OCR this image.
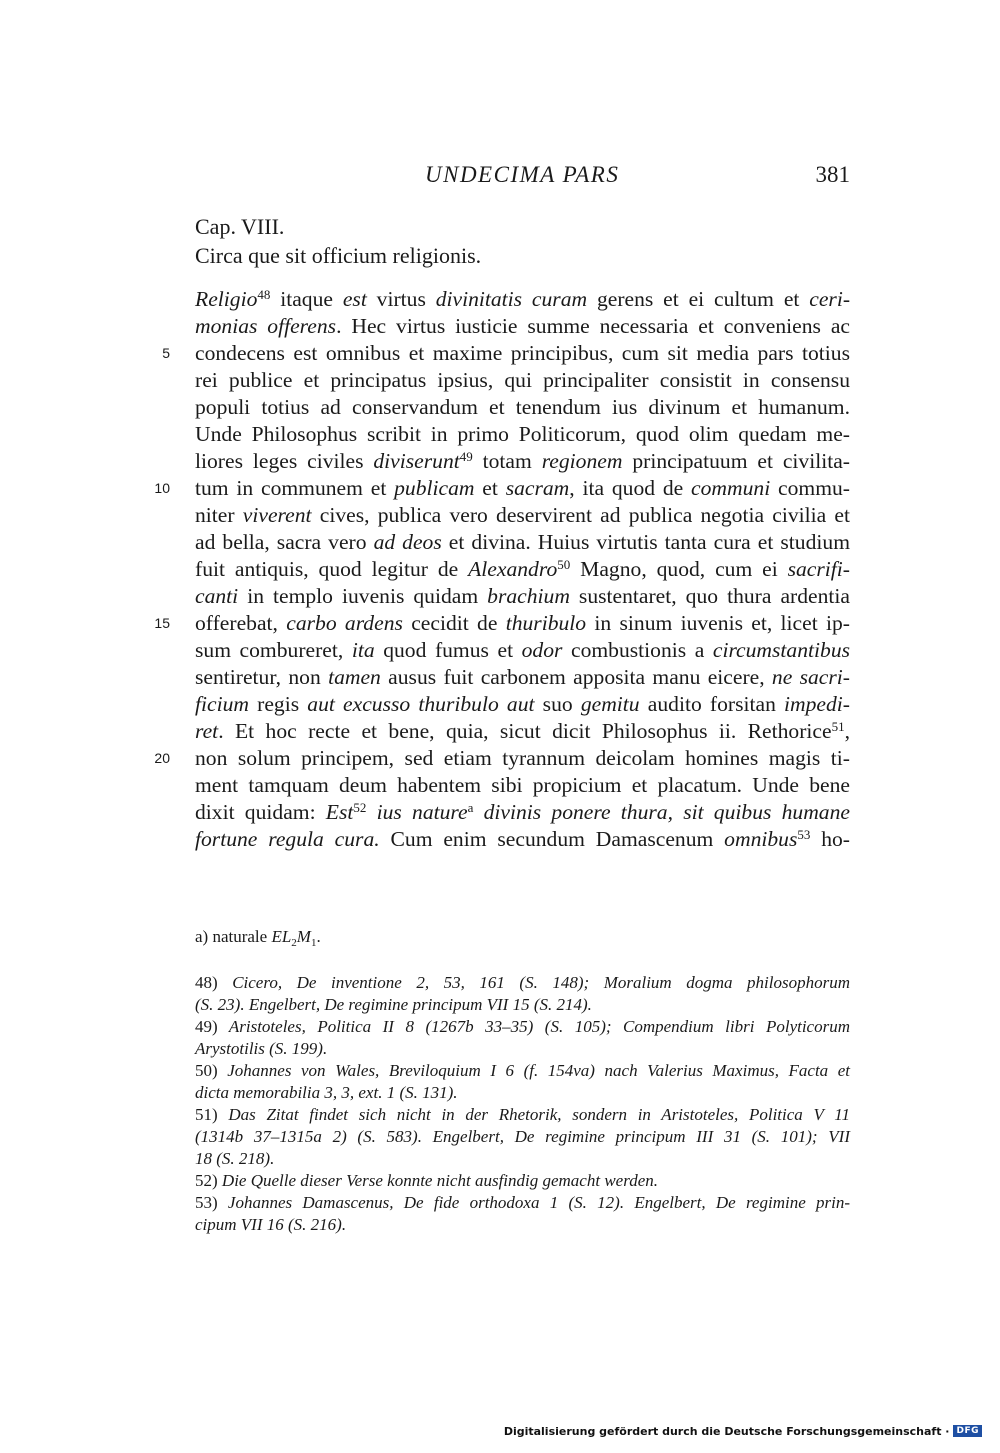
UNDECIMA PARS	381
Cap. VIII.
Circa que sit officium religionis.
Religio$^{48}$ itaque est virtus divinitatis curam gerens et ei cultum et ceri-
monias offerens. Hec virtus iusticie summe necessaria et conveniens ac
5 condecens est omnibus et maxime principibus, cum sit media pars totius
rei publice et principatus ipsius, qui principaliter consistit in consensu
populi totius ad conservandum et tenendum ius divinum et humanum.
Unde Philosophus scribit in primo Politicorum, quod olim quedam me-
liores leges civiles diviserunt$^{49}$ totam regionem principatuum et civilita-
10 tum in communem et publicam et sacram, ita quod de communi commu-
niter viverent cives, publica vero deservirent ad publica negotia civilia et
ad bella, sacra vero ad deos et divina. Huius virtutis tanta cura et studium
fuit antiquis, quod legitur de Alexandro$^{50}$ Magno, quod, cum ei sacrifi-
canti in templo iuvenis quidam brachium sustentaret, quo thura ardentia
15 offerebat, carbo ardens cecidit de thuribulo in sinum iuvenis et, licet ip-
sum combureret, ita quod fumus et odor combustionis a circumstantibus
sentiretur, non tamen ausus fuit carbonem apposita manu eicere, ne sacri-
ficium regis aut excusso thuribulo aut suo gemitu audito forsitan impedi-
ret. Et hoc recte et bene, quia, sicut dicit Philosophus ii. Rethorice$^{51}$,
20 non solum principem, sed etiam tyrannum deicolam homines magis ti-
ment tamquam deum habentem sibi propicium et placatum. Unde bene
dixit quidam: Est$^{52}$ ius nature$^a$ divinis ponere thura, sit quibus humane
fortune regula cura. Cum enim secundum Damascenum omnibus$^{53}$ ho-
a) naturale $EL_2M_1$.
48) Cicero, De inventione 2, 53, 161 (S. 148); Moralium dogma philosophorum
(S. 23). Engelbert, De regimine principum VII 15 (S. 214).
49) Aristoteles, Politica II 8 (1267b 33–35) (S. 105); Compendium libri Polyticorum
Arystotilis (S. 199).
50) Johannes von Wales, Breviloquium I 6 (f. 154va) nach Valerius Maximus, Facta et
dicta memorabilia 3, 3, ext. 1 (S. 131).
51) Das Zitat findet sich nicht in der Rhetorik, sondern in Aristoteles, Politica V 11
(1314b 37–1315a 2) (S. 583). Engelbert, De regimine principum III 31 (S. 101); VII
18 (S. 218).
52) Die Quelle dieser Verse konnte nicht ausfindig gemacht werden.
53) Johannes Damascenus, De fide orthodoxa 1 (S. 12). Engelbert, De regimine prin-
cipum VII 16 (S. 216).
Digitalisierung gefördert durch die Deutsche Forschungsgemeinschaft · DFG
